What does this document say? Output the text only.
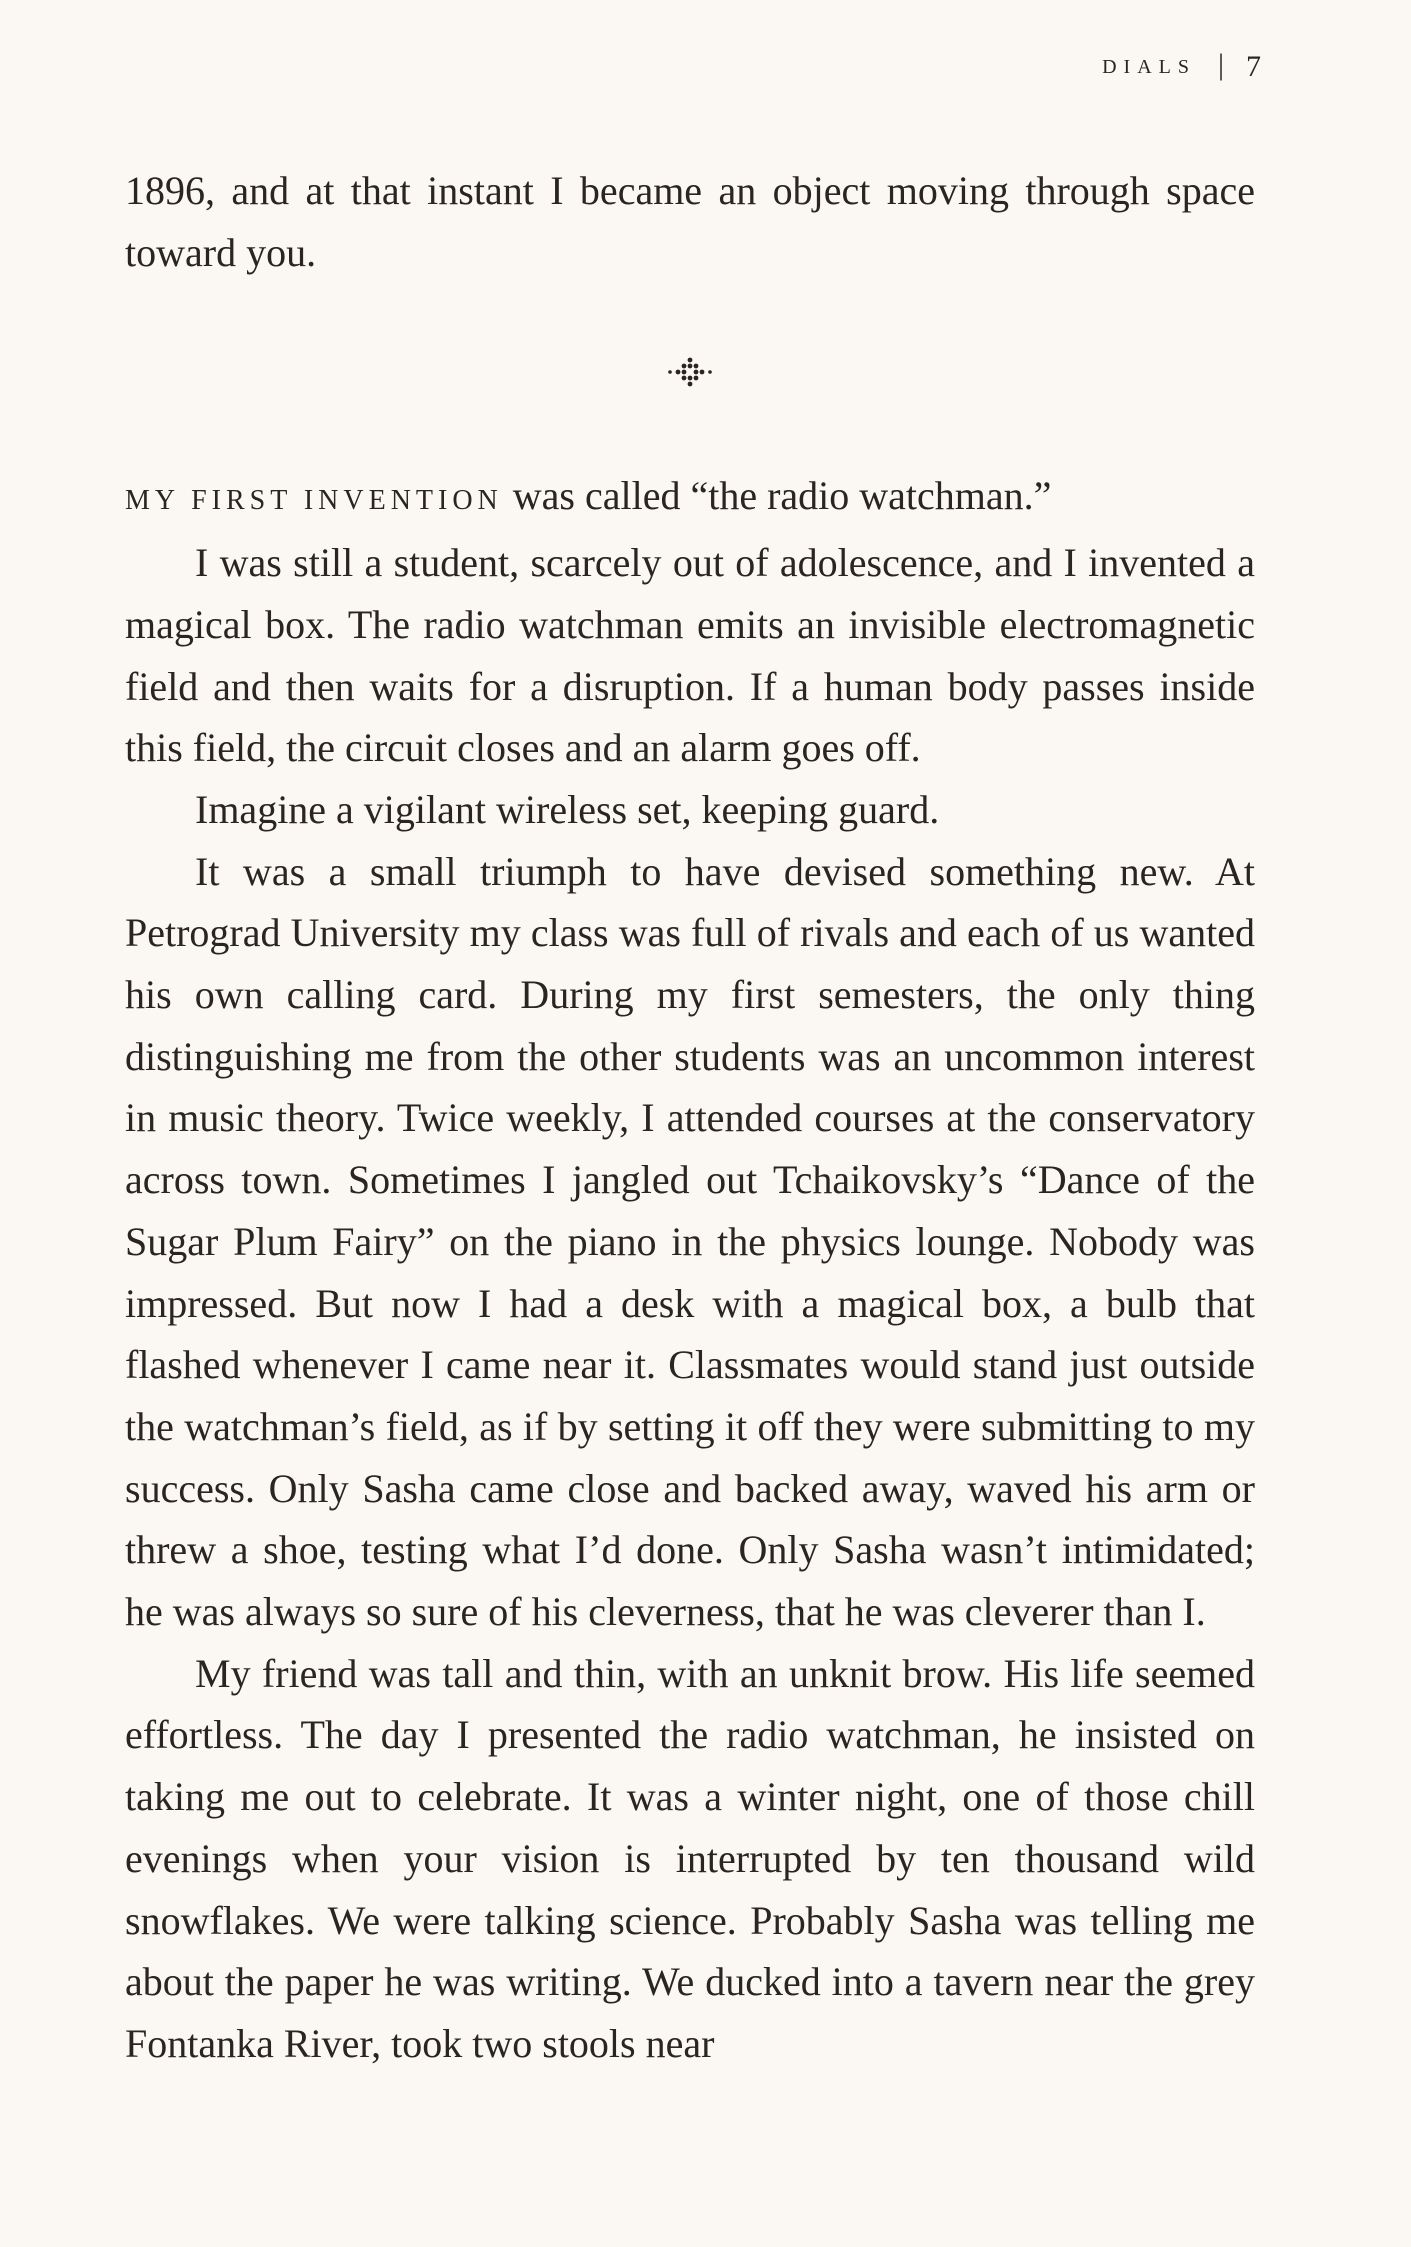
DIALS | 7

1896, and at that instant I became an object moving through space toward you.

MY FIRST INVENTION was called “the radio watchman.”

I was still a student, scarcely out of adolescence, and I invented a magical box. The radio watchman emits an invisible electromagnetic field and then waits for a disruption. If a human body passes inside this field, the circuit closes and an alarm goes off.

Imagine a vigilant wireless set, keeping guard.

It was a small triumph to have devised something new. At Petrograd University my class was full of rivals and each of us wanted his own calling card. During my first semesters, the only thing distinguishing me from the other students was an uncommon interest in music theory. Twice weekly, I attended courses at the conservatory across town. Sometimes I jangled out Tchaikovsky’s “Dance of the Sugar Plum Fairy” on the piano in the physics lounge. Nobody was impressed. But now I had a desk with a magical box, a bulb that flashed whenever I came near it. Classmates would stand just outside the watchman’s field, as if by setting it off they were submitting to my success. Only Sasha came close and backed away, waved his arm or threw a shoe, testing what I’d done. Only Sasha wasn’t intimidated; he was always so sure of his cleverness, that he was cleverer than I.

My friend was tall and thin, with an unknit brow. His life seemed effortless. The day I presented the radio watchman, he insisted on taking me out to celebrate. It was a winter night, one of those chill evenings when your vision is interrupted by ten thousand wild snowflakes. We were talking science. Probably Sasha was telling me about the paper he was writing. We ducked into a tavern near the grey Fontanka River, took two stools near
